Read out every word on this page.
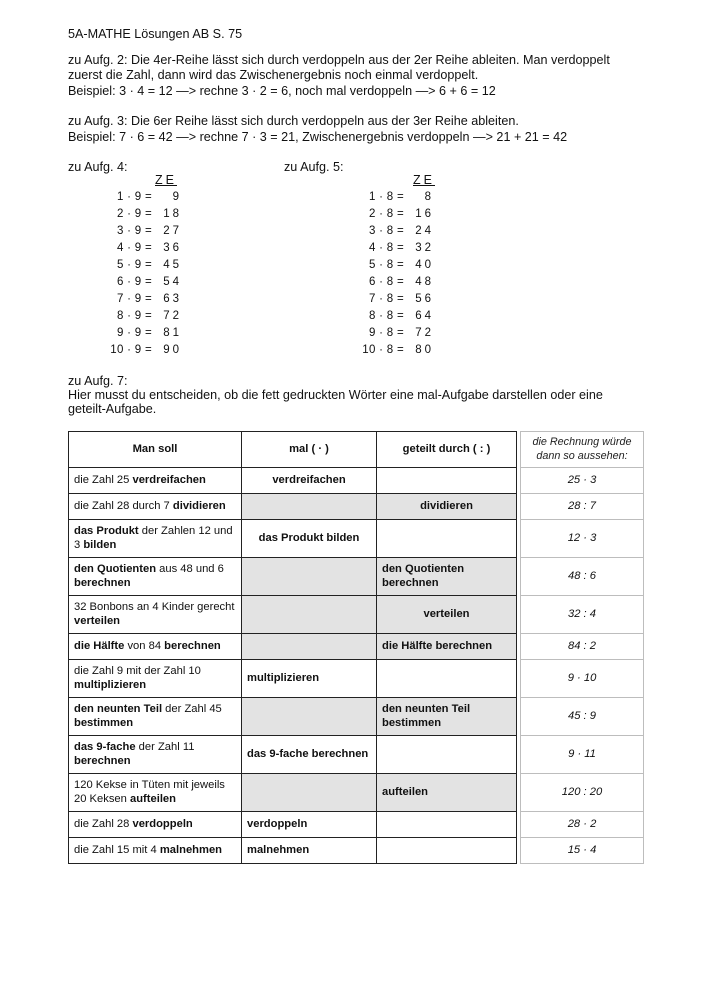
5A-MATHE Lösungen AB S. 75
zu Aufg. 2: Die 4er-Reihe lässt sich durch verdoppeln aus der 2er Reihe ableiten. Man verdoppelt
zuerst die Zahl, dann wird das Zwischenergebnis noch einmal verdoppelt.
Beispiel: 3 · 4 = 12 —> rechne 3 · 2 = 6, noch mal verdoppeln —> 6 + 6 = 12
zu Aufg. 3: Die 6er Reihe lässt sich durch verdoppeln aus der 3er Reihe ableiten.
Beispiel: 7 · 6 = 42 —> rechne 7 · 3 = 21, Zwischenergebnis verdoppeln —> 21 + 21 = 42
zu Aufg. 4:	zu Aufg. 5:
ZE	ZE
1 · 9 = 9
2 · 9 = 18
3 · 9 = 27
4 · 9 = 36
5 · 9 = 45
6 · 9 = 54
7 · 9 = 63
8 · 9 = 72
9 · 9 = 81
10 · 9 = 90
1 · 8 = 8
2 · 8 = 16
3 · 8 = 24
4 · 8 = 32
5 · 8 = 40
6 · 8 = 48
7 · 8 = 56
8 · 8 = 64
9 · 8 = 72
10 · 8 = 80
zu Aufg. 7:
Hier musst du entscheiden, ob die fett gedruckten Wörter eine mal-Aufgabe darstellen oder eine
geteilt-Aufgabe.
Man soll	mal ( · )	geteilt durch ( : )		die Rechnung würde dann so aussehen:
die Zahl 25 verdreifachen	verdreifachen			25 · 3
die Zahl 28 durch 7 dividieren		dividieren		28 : 7
das Produkt der Zahlen 12 und 3 bilden	das Produkt bilden			12 · 3
den Quotienten aus 48 und 6 berechnen		den Quotienten berechnen		48 : 6
32 Bonbons an 4 Kinder gerecht verteilen		verteilen		32 : 4
die Hälfte von 84 berechnen		die Hälfte berechnen		84 : 2
die Zahl 9 mit der Zahl 10 multiplizieren	multiplizieren			9 · 10
den neunten Teil der Zahl 45 bestimmen		den neunten Teil bestimmen		45 : 9
das 9-fache der Zahl 11 berechnen	das 9-fache berechnen			9 · 11
120 Kekse in Tüten mit jeweils 20 Keksen aufteilen		aufteilen		120 : 20
die Zahl 28 verdoppeln	verdoppeln			28 · 2
die Zahl 15 mit 4 malnehmen	malnehmen			15 · 4
